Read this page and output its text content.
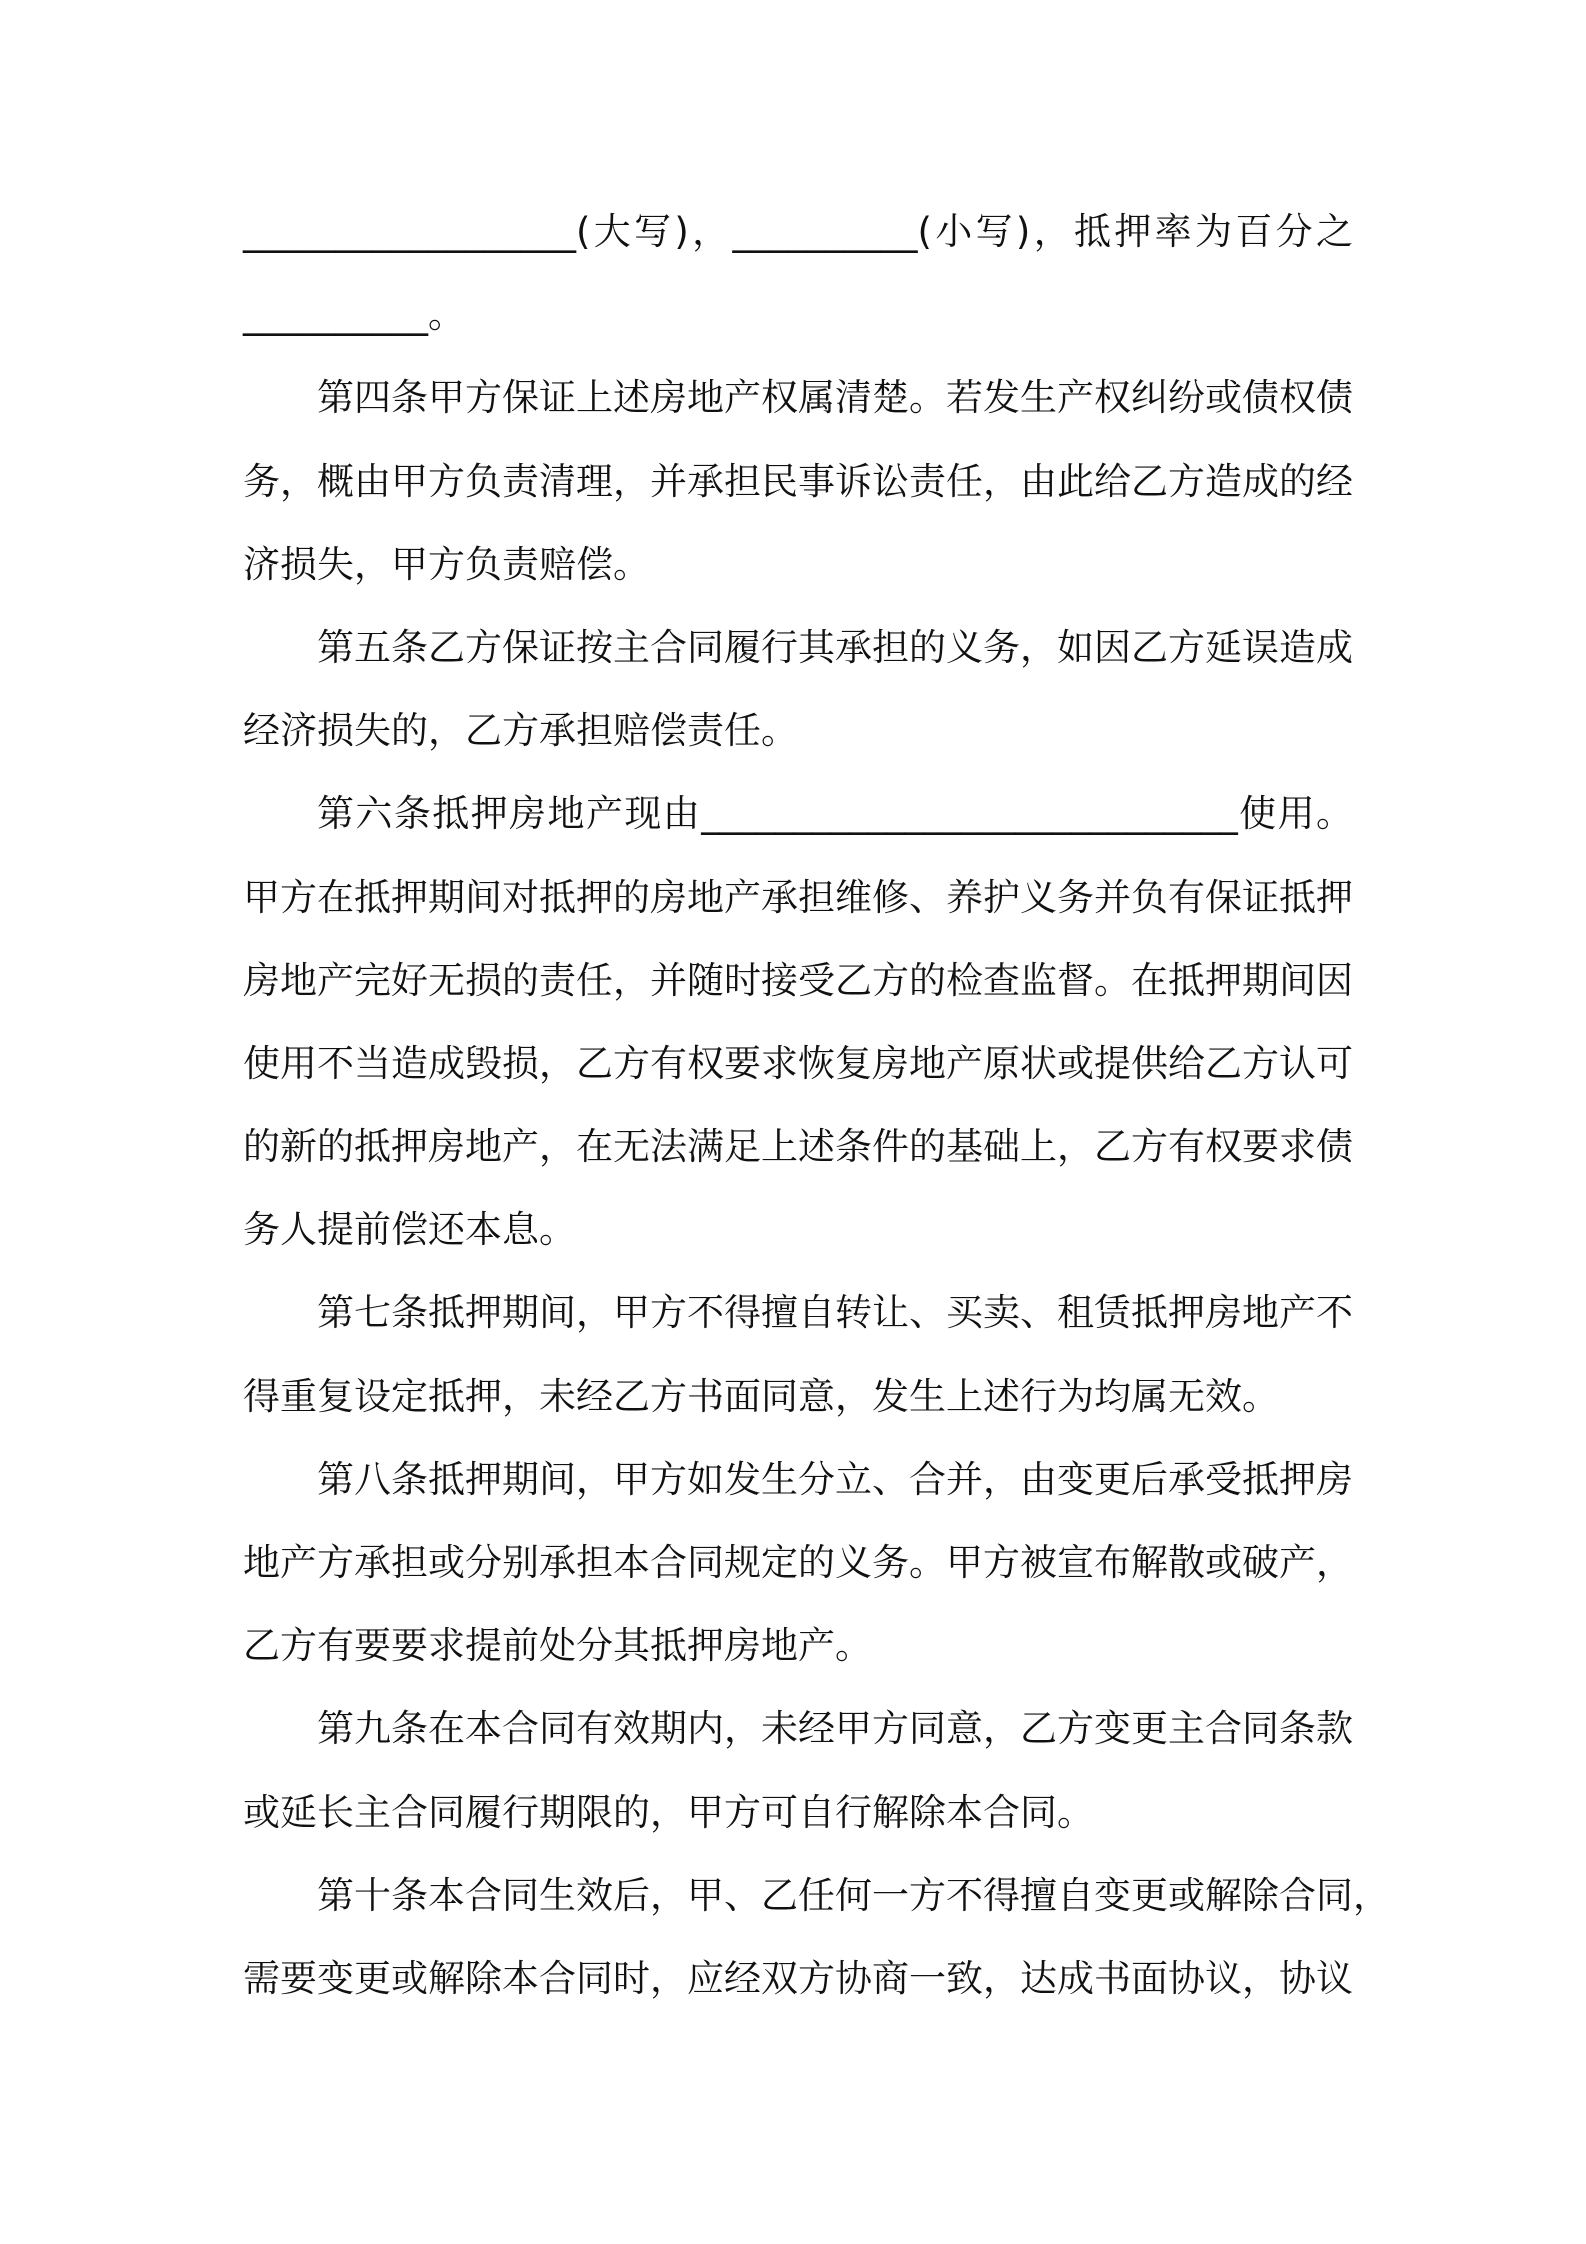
__________________(大写)，__________(小写)，抵押率为百分之
__________。
第四条甲方保证上述房地产权属清楚。若发生产权纠纷或债权债
务，概由甲方负责清理，并承担民事诉讼责任，由此给乙方造成的经
济损失，甲方负责赔偿。
第五条乙方保证按主合同履行其承担的义务，如因乙方延误造成
经济损失的，乙方承担赔偿责任。
第六条抵押房地产现由_____________________________使用。
甲方在抵押期间对抵押的房地产承担维修、养护义务并负有保证抵押
房地产完好无损的责任，并随时接受乙方的检查监督。在抵押期间因
使用不当造成毁损，乙方有权要求恢复房地产原状或提供给乙方认可
的新的抵押房地产，在无法满足上述条件的基础上，乙方有权要求债
务人提前偿还本息。
第七条抵押期间，甲方不得擅自转让、买卖、租赁抵押房地产不
得重复设定抵押，未经乙方书面同意，发生上述行为均属无效。
第八条抵押期间，甲方如发生分立、合并，由变更后承受抵押房
地产方承担或分别承担本合同规定的义务。甲方被宣布解散或破产，
乙方有要要求提前处分其抵押房地产。
第九条在本合同有效期内，未经甲方同意，乙方变更主合同条款
或延长主合同履行期限的，甲方可自行解除本合同。
第十条本合同生效后，甲、乙任何一方不得擅自变更或解除合同，
需要变更或解除本合同时，应经双方协商一致，达成书面协议，协议
